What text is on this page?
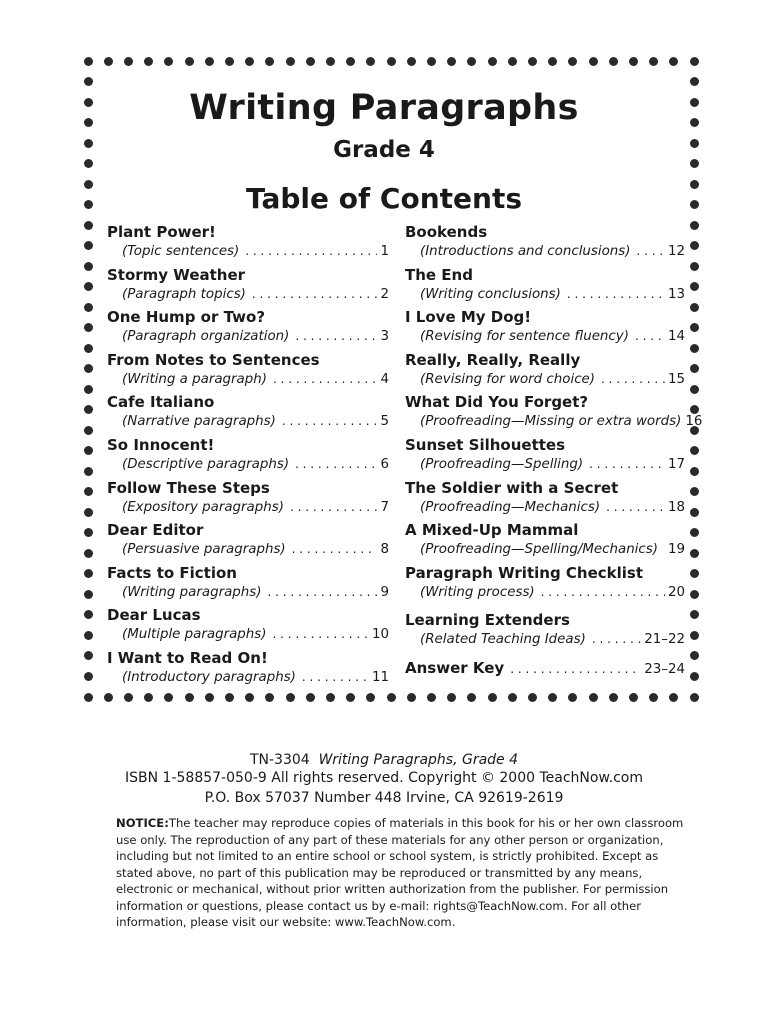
Writing Paragraphs
Grade 4
Table of Contents
Plant Power!
(Topic sentences) . . .	1
Stormy Weather
(Paragraph topics) . . .	2
One Hump or Two?
(Paragraph organization) . . .	3
From Notes to Sentences
(Writing a paragraph) . . .	4
Cafe Italiano
(Narrative paragraphs) . . .	5
So Innocent!
(Descriptive paragraphs) . . .	6
Follow These Steps
(Expository paragraphs) . . .	7
Dear Editor
(Persuasive paragraphs) . . .	8
Facts to Fiction
(Writing paragraphs) . . .	9
Dear Lucas
(Multiple paragraphs) . . .	10
I Want to Read On!
(Introductory paragraphs) . . .	11
Bookends
(Introductions and conclusions) . . .	12
The End
(Writing conclusions) . . .	13
I Love My Dog!
(Revising for sentence fluency) . . .	14
Really, Really, Really
(Revising for word choice) . . .	15
What Did You Forget?
(Proofreading—Missing or extra words) 16
Sunset Silhouettes
(Proofreading—Spelling) . . .	17
The Soldier with a Secret
(Proofreading—Mechanics) . . .	18
A Mixed-Up Mammal
(Proofreading—Spelling/Mechanics) . . . 19
Paragraph Writing Checklist
(Writing process) . . .	20
Learning Extenders
(Related Teaching Ideas) . . .	21–22
Answer Key . . .	23–24
TN-3304 Writing Paragraphs, Grade 4
ISBN 1-58857-050-9 All rights reserved. Copyright © 2000 TeachNow.com
P.O. Box 57037 Number 448 Irvine, CA 92619-2619
NOTICE:The teacher may reproduce copies of materials in this book for his or her own classroom use only. The reproduction of any part of these materials for any other person or organization, including but not limited to an entire school or school system, is strictly prohibited. Except as stated above, no part of this publication may be reproduced or transmitted by any means, electronic or mechanical, without prior written authorization from the publisher. For permission information or questions, please contact us by e-mail: rights@TeachNow.com. For all other information, please visit our website: www.TeachNow.com.
